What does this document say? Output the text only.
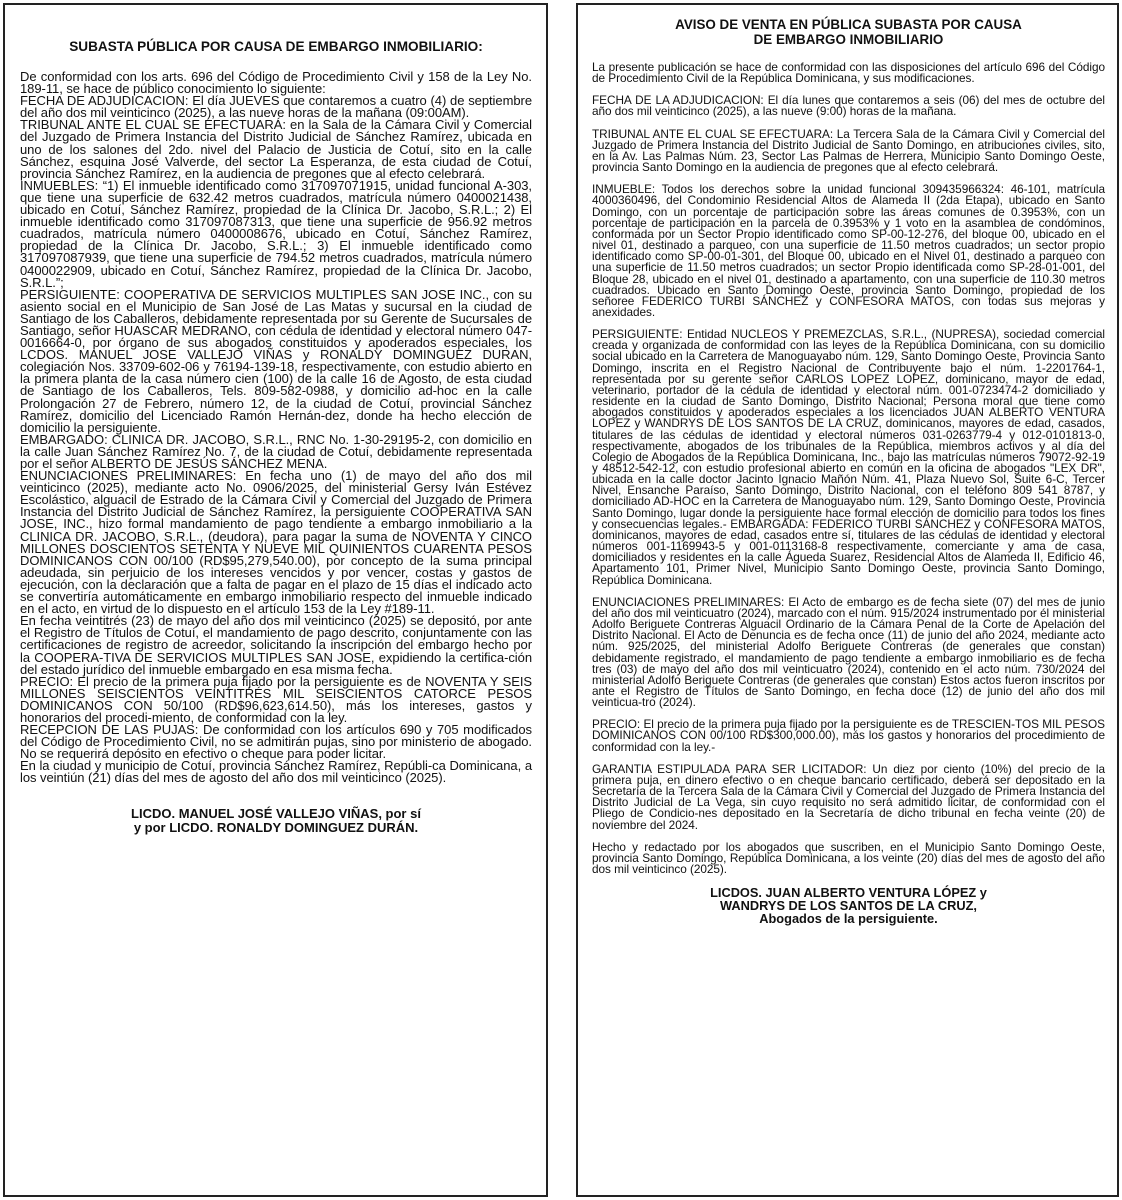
SUBASTA PÚBLICA POR CAUSA DE EMBARGO INMOBILIARIO:
De conformidad con los arts. 696 del Código de Procedimiento Civil y 158 de la Ley No. 189-11, se hace de público conocimiento lo siguiente:
FECHA DE ADJUDICACION: El día JUEVES que contaremos a cuatro (4) de septiembre del año dos mil veinticinco (2025), a las nueve horas de la mañana (09:00AM).
TRIBUNAL ANTE EL CUAL SE EFECTUARÁ: en la Sala de la Cámara Civil y Comercial del Juzgado de Primera Instancia del Distrito Judicial de Sánchez Ramírez, ubicada en uno de los salones del 2do. nivel del Palacio de Justicia de Cotuí, sito en la calle Sánchez, esquina José Valverde, del sector La Esperanza, de esta ciudad de Cotuí, provincia Sánchez Ramírez, en la audiencia de pregones que al efecto celebrará.
INMUEBLES: “1) El inmueble identificado como 317097071915, unidad funcional A-303, que tiene una superficie de 632.42 metros cuadrados, matrícula número 0400021438, ubicado en Cotuí, Sánchez Ramírez, propiedad de la Clínica Dr. Jacobo, S.R.L.; 2) El inmueble identificado como 317097087313, que tiene una superficie de 956.92 metros cuadrados, matrícula número 0400008676, ubicado en Cotuí, Sánchez Ramírez, propiedad de la Clínica Dr. Jacobo, S.R.L.; 3) El inmueble identificado como 317097087939, que tiene una superficie de 794.52 metros cuadrados, matrícula número 0400022909, ubicado en Cotuí, Sánchez Ramírez, propiedad de la Clínica Dr. Jacobo, S.R.L.”;
PERSIGUIENTE: COOPERATIVA DE SERVICIOS MULTIPLES SAN JOSE INC., con su asiento social en el Municipio de San José de Las Matas y sucursal en la ciudad de Santiago de los Caballeros, debidamente representada por su Gerente de Sucursales de Santiago, señor HUASCAR MEDRANO, con cédula de identidad y electoral número 047-0016664-0, por órgano de sus abogados constituidos y apoderados especiales, los LCDOS. MANUEL JOSE VALLEJO VIÑAS y RONALDY DOMINGUEZ DURAN, colegiación Nos. 33709-602-06 y 76194-139-18, respectivamente, con estudio abierto en la primera planta de la casa número cien (100) de la calle 16 de Agosto, de esta ciudad de Santiago de los Caballeros, Tels. 809-582-0988, y domicilio ad-hoc en la calle Prolongación 27 de Febrero, número 12, de la ciudad de Cotuí, provincial Sánchez Ramírez, domicilio del Licenciado Ramón Hernán-dez, donde ha hecho elección de domicilio la persiguiente.
EMBARGADO: CLINICA DR. JACOBO, S.R.L., RNC No. 1-30-29195-2, con domicilio en la calle Juan Sánchez Ramírez No. 7, de la ciudad de Cotuí, debidamente representada por el señor ALBERTO DE JESÚS SÁNCHEZ MENA.
ENUNCIACIONES PRELIMINARES: En fecha uno (1) de mayo del año dos mil veinticinco (2025), mediante acto No. 0906/2025, del ministerial Gersy Iván Estévez Escolástico, alguacil de Estrado de la Cámara Civil y Comercial del Juzgado de Primera Instancia del Distrito Judicial de Sánchez Ramírez, la persiguiente COOPERATIVA SAN JOSE, INC., hizo formal mandamiento de pago tendiente a embargo inmobiliario a la CLINICA DR. JACOBO, S.R.L., (deudora), para pagar la suma de NOVENTA Y CINCO MILLONES DOSCIENTOS SETENTA Y NUEVE MIL QUINIENTOS CUARENTA PESOS DOMINICANOS CON 00/100 (RD$95,279,540.00), por concepto de la suma principal adeudada, sin perjuicio de los intereses vencidos y por vencer, costas y gastos de ejecución, con la declaración que a falta de pagar en el plazo de 15 días el indicado acto se convertiría automáticamente en embargo inmobiliario respecto del inmueble indicado en el acto, en virtud de lo dispuesto en el artículo 153 de la Ley #189-11.
En fecha veintitrés (23) de mayo del año dos mil veinticinco (2025) se depositó, por ante el Registro de Títulos de Cotuí, el mandamiento de pago descrito, conjuntamente con las certificaciones de registro de acreedor, solicitando la inscripción del embargo hecho por la COOPERA-TIVA DE SERVICIOS MULTIPLES SAN JOSE, expidiendo la certifica-ción del estado jurídico del inmueble embargado en esa misma fecha.
PRECIO: El precio de la primera puja fijado por la persiguiente es de NOVENTA Y SEIS MILLONES SEISCIENTOS VEINTITRÉS MIL SEISCIENTOS CATORCE PESOS DOMINICANOS CON 50/100 (RD$96,623,614.50), más los intereses, gastos y honorarios del procedi-miento, de conformidad con la ley.
RECEPCION DE LAS PUJAS: De conformidad con los artículos 690 y 705 modificados del Código de Procedimiento Civil, no se admitirán pujas, sino por ministerio de abogado. No se requerirá depósito en efectivo o cheque para poder licitar.
En la ciudad y municipio de Cotuí, provincia Sánchez Ramírez, Repúbli-ca Dominicana, a los veintiún (21) días del mes de agosto del año dos mil veinticinco (2025).
LICDO. MANUEL JOSÉ VALLEJO VIÑAS, por sí
y por LICDO. RONALDY DOMINGUEZ DURÁN.
AVISO DE VENTA EN PÚBLICA SUBASTA POR CAUSA
DE EMBARGO INMOBILIARIO
La presente publicación se hace de conformidad con las disposiciones del artículo 696 del Código de Procedimiento Civil de la República Dominicana, y sus modificaciones.
FECHA DE LA ADJUDICACION: El día lunes que contaremos a seis (06) del mes de octubre del año dos mil veinticinco (2025), a las nueve (9:00) horas de la mañana.
TRIBUNAL ANTE EL CUAL SE EFECTUARA: La Tercera Sala de la Cámara Civil y Comercial del Juzgado de Primera Instancia del Distrito Judicial de Santo Domingo, en atribuciones civiles, sito, en la Av. Las Palmas Núm. 23, Sector Las Palmas de Herrera, Municipio Santo Domingo Oeste, provincia Santo Domingo en la audiencia de pregones que al efecto celebrará.
INMUEBLE: Todos los derechos sobre la unidad funcional 309435966324: 46-101, matrícula 4000360496, del Condominio Residencial Altos de Alameda II (2da Etapa), ubicado en Santo Domingo, con un porcentaje de participación sobre las áreas comunes de 0.3953%, con un porcentaje de participación en la parcela de 0.3953% y 1 voto en la asamblea de condóminos, conformada por un Sector Propio identificado como SP-00-12-276, del bloque 00, ubicado en el nivel 01, destinado a parqueo, con una superficie de 11.50 metros cuadrados; un sector propio identificado como SP-00-01-301, del Bloque 00, ubicado en el Nivel 01, destinado a parqueo con una superficie de 11.50 metros cuadrados; un sector Propio identificada como SP-28-01-001, del Bloque 28, ubicado en el nivel 01, destinado a apartamento, con una superficie de 110.30 metros cuadrados. Ubicado en Santo Domingo Oeste, provincia Santo Domingo, propiedad de los señoree FEDERICO TURBI SÁNCHEZ y CONFESORA MATOS, con todas sus mejoras y anexidades.
PERSIGUIENTE: Entidad NUCLEOS Y PREMEZCLAS, S.R.L., (NUPRESA), sociedad comercial creada y organizada de conformidad con las leyes de la República Dominicana, con su domicilio social ubicado en la Carretera de Manoguayabo núm. 129, Santo Domingo Oeste, Provincia Santo Domingo, inscrita en el Registro Nacional de Contribuyente bajo el núm. 1-2201764-1, representada por su gerente señor CARLOS LOPEZ LOPEZ, dominicano, mayor de edad, veterinario, portador de la cédula de identidad y electoral núm. 001-0723474-2 domiciliado y residente en la ciudad de Santo Domingo, Distrito Nacional; Persona moral que tiene como abogados constituidos y apoderados especiales a los licenciados JUAN ALBERTO VENTURA LOPEZ y WANDRYS DE LOS SANTOS DE LA CRUZ, dominicanos, mayores de edad, casados, titulares de las cédulas de identidad y electoral números 031-0263779-4 y 012-0101813-0, respectivamente, abogados de los tribunales de la República, miembros activos y al día del Colegio de Abogados de la República Dominicana, Inc., bajo las matrículas números 79072-92-19 y 48512-542-12, con estudio profesional abierto en común en la oficina de abogados "LEX DR", ubicada en la calle doctor Jacinto Ignacio Mañón Núm. 41, Plaza Nuevo Sol, Suite 6-C, Tercer Nivel, Ensanche Paraíso, Santo Domingo, Distrito Nacional, con el teléfono 809 541 8787, y domiciliado AD-HOC en la Carretera de Manoguayabo núm. 129, Santo Domingo Oeste, Provincia Santo Domingo, lugar donde la persiguiente hace formal elección de domicilio para todos los fines y consecuencias legales.- EMBARGADA: FEDERICO TURBI SÁNCHEZ y CONFESORA MATOS, dominicanos, mayores de edad, casados entre sí, titulares de las cédulas de identidad y electoral números 001-1169943-5 y 001-0113168-8 respectivamente, comerciante y ama de casa, domiciliados y residentes en la calle Águeda Suarez, Residencial Altos de Alameda II, Edificio 46, Apartamento 101, Primer Nivel, Municipio Santo Domingo Oeste, provincia Santo Domingo, República Dominicana.
ENUNCIACIONES PRELIMINARES: El Acto de embargo es de fecha siete (07) del mes de junio del año dos mil veinticuatro (2024), marcado con el núm. 915/2024 instrumentado por él ministerial Adolfo Beriguete Contreras Alguacil Ordinario de la Cámara Penal de la Corte de Apelación del Distrito Nacional. El Acto de Denuncia es de fecha once (11) de junio del año 2024, mediante acto núm. 925/2025, del ministerial Adolfo Beriguete Contreras (de generales que constan) debidamente registrado, el mandamiento de pago tendiente a embargo inmobiliario es de fecha tres (03) de mayo del año dos mil veinticuatro (2024), contenido en el acto núm. 730/2024 del ministerial Adolfo Beriguete Contreras (de generales que constan) Estos actos fueron inscritos por ante el Registro de Títulos de Santo Domingo, en fecha doce (12) de junio del año dos mil veinticua-tro (2024).
PRECIO: El precio de la primera puja fijado por la persiguiente es de TRESCIEN-TOS MIL PESOS DOMINICANOS CON 00/100 RD$300,000.00), más los gastos y honorarios del procedimiento de conformidad con la ley.-
GARANTIA ESTIPULADA PARA SER LICITADOR: Un diez por ciento (10%) del precio de la primera puja, en dinero efectivo o en cheque bancario certificado, deberá ser depositado en la Secretaría de la Tercera Sala de la Cámara Civil y Comercial del Juzgado de Primera Instancia del Distrito Judicial de La Vega, sin cuyo requisito no será admitido licitar, de conformidad con el Pliego de Condicio-nes depositado en la Secretaría de dicho tribunal en fecha veinte (20) de noviembre del 2024.
Hecho y redactado por los abogados que suscriben, en el Municipio Santo Domingo Oeste, provincia Santo Domingo, República Dominicana, a los veinte (20) días del mes de agosto del año dos mil veinticinco (2025).
LICDOS. JUAN ALBERTO VENTURA LÓPEZ y
WANDRYS DE LOS SANTOS DE LA CRUZ,
Abogados de la persiguiente.
